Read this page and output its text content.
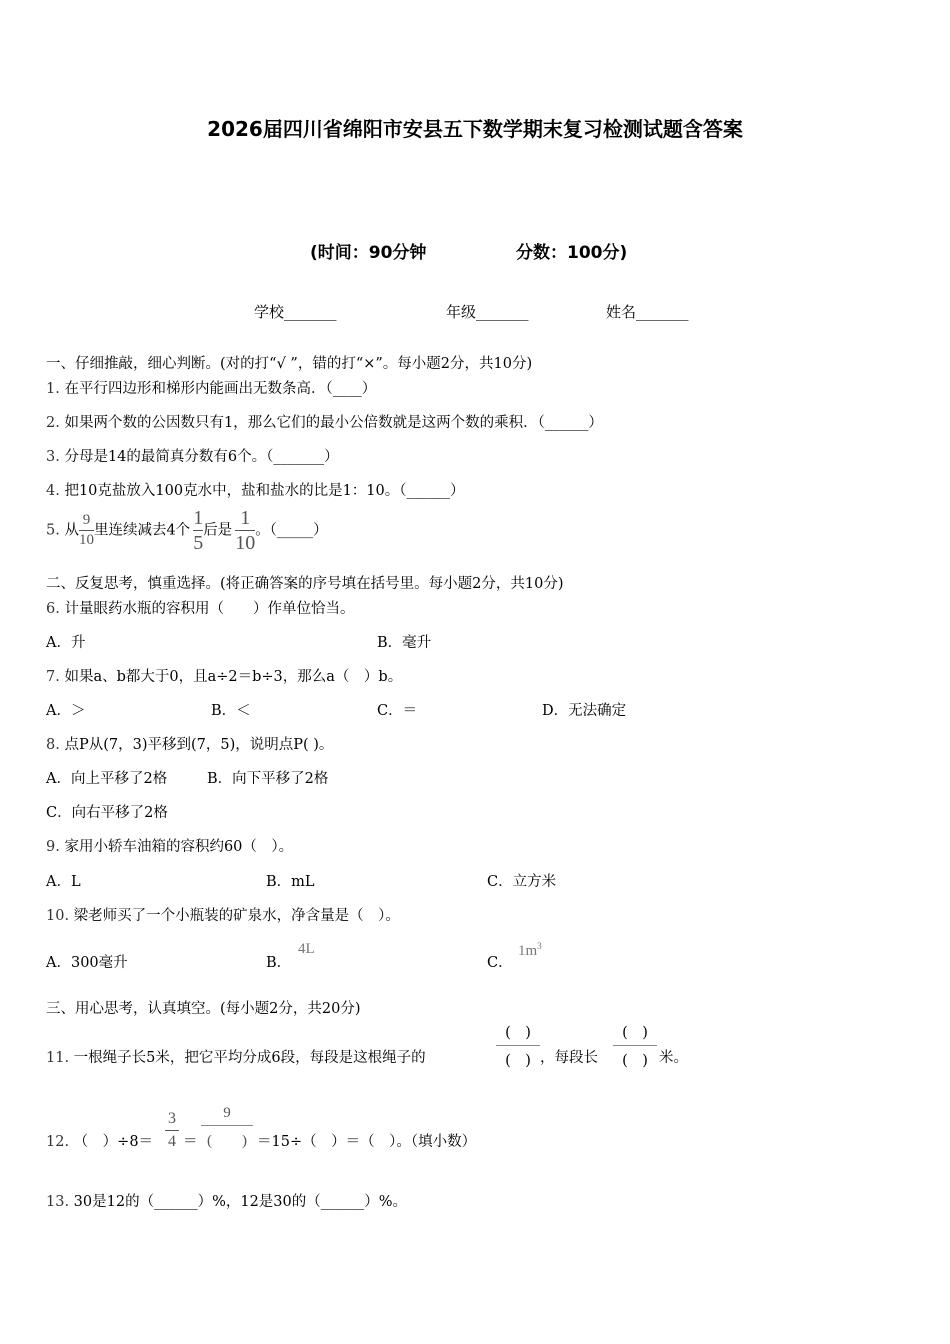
2026届四川省绵阳市安县五下数学期末复习检测试题含答案
(时间：90分钟	分数：100分)
学校_______	年级_______	姓名_______
一、仔细推敲，细心判断。(对的打“√ ”，错的打“×”。每小题2分，共10分)
1. 在平行四边形和梯形内能画出无数条高．（____）
2. 如果两个数的公因数只有1，那么它们的最小公倍数就是这两个数的乘积．（______）
3. 分母是14的最简真分数有6个。（_______）
4. 把10克盐放入100克水中，盐和盐水的比是1：10。（______）
5. 从 $\frac{9}{10}$ 里连续减去4个 $\frac{1}{5}$ 后是 $\frac{1}{10}$ 。（_____）
二、反复思考，慎重选择。(将正确答案的序号填在括号里。每小题2分，共10分)
6. 计量眼药水瓶的容积用（　　）作单位恰当。
A．升	B．毫升
7. 如果a、b都大于0，且a÷2＝b÷3，那么a（　）b。
A．＞	B．＜	C．＝	D．无法确定
8. 点P从(7，3)平移到(7，5)，说明点P( )。
A．向上平移了2格	B．向下平移了2格
C．向右平移了2格
9. 家用小轿车油箱的容积约60（　）。
A．L	B．mL	C．立方米
10. 梁老师买了一个小瓶装的矿泉水，净含量是（　）。
A．300毫升	B．
4L
C．
$1m^3$
三、用心思考，认真填空。(每小题2分，共20分)
11. 一根绳子长5米，把它平均分成6段，每段是这根绳子的
(　)
(　) ，每段长
(　)
(　) 米。
12. （　）÷8＝
3
4 ＝
9
(　　) ＝15÷（　）＝（　）。（填小数）
13. 30是12的（______）%，12是30的（______）%。
